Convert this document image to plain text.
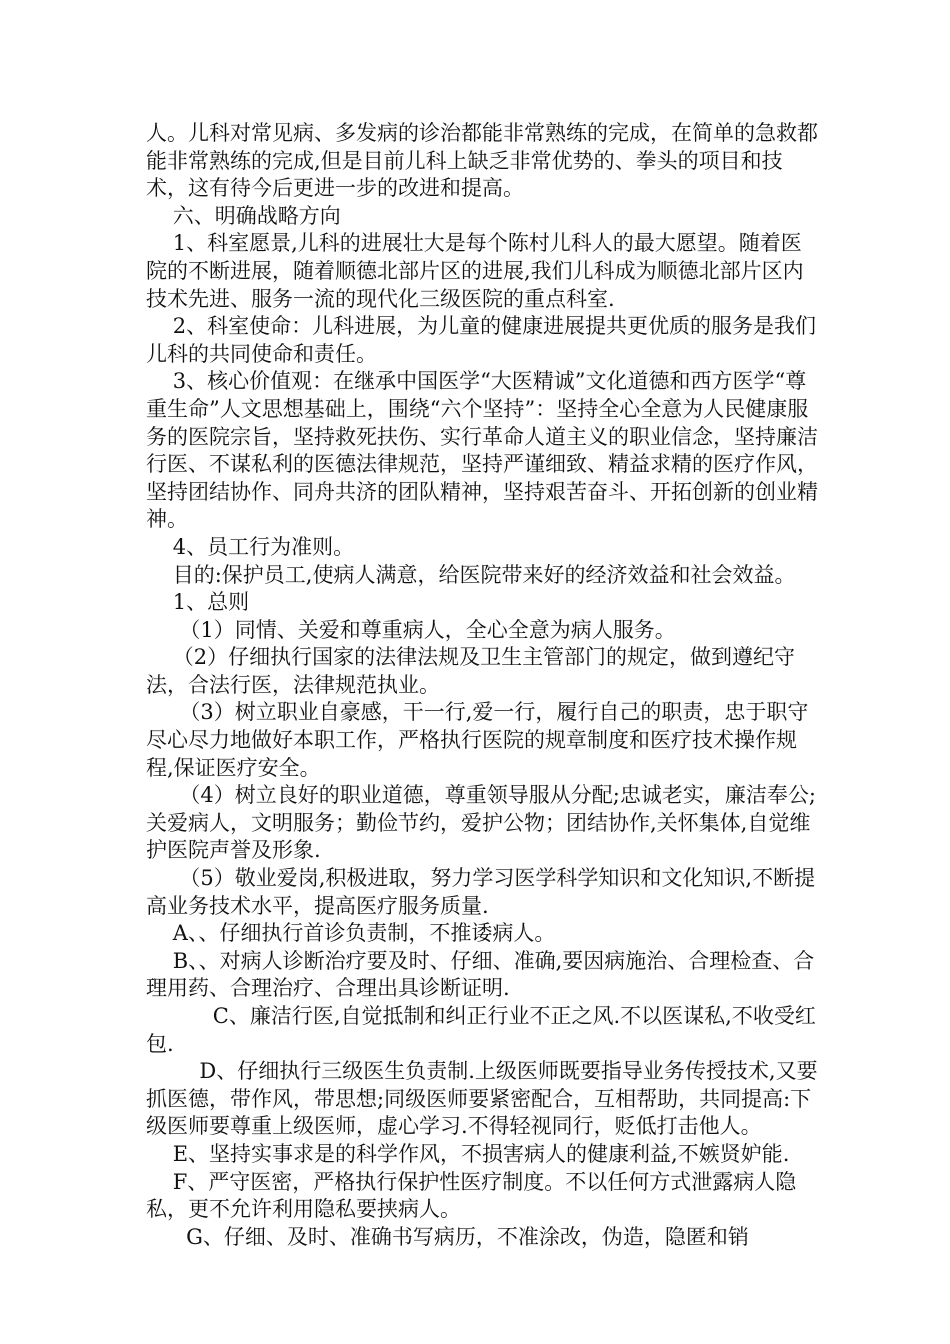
人。儿科对常见病、多发病的诊治都能非常熟练的完成，在简单的急救都能非常熟练的完成,但是目前儿科上缺乏非常优势的、拳头的项目和技术，这有待今后更进一步的改进和提高。

六、明确战略方向

1、科室愿景,儿科的进展壮大是每个陈村儿科人的最大愿望。随着医院的不断进展，随着顺德北部片区的进展,我们儿科成为顺德北部片区内技术先进、服务一流的现代化三级医院的重点科室.

2、科室使命：儿科进展，为儿童的健康进展提共更优质的服务是我们儿科的共同使命和责任。

3、核心价值观：在继承中国医学“大医精诚”文化道德和西方医学“尊重生命”人文思想基础上，围绕“六个坚持”：坚持全心全意为人民健康服务的医院宗旨，坚持救死扶伤、实行革命人道主义的职业信念，坚持廉洁行医、不谋私利的医德法律规范，坚持严谨细致、精益求精的医疗作风，坚持团结协作、同舟共济的团队精神，坚持艰苦奋斗、开拓创新的创业精神。

4、员工行为准则。

目的:保护员工,使病人满意，给医院带来好的经济效益和社会效益。

1、总则

（1）同情、关爱和尊重病人，全心全意为病人服务。

（2）仔细执行国家的法律法规及卫生主管部门的规定，做到遵纪守法，合法行医，法律规范执业。

（3）树立职业自豪感，干一行,爱一行，履行自己的职责，忠于职守尽心尽力地做好本职工作，严格执行医院的规章制度和医疗技术操作规程,保证医疗安全。

（4）树立良好的职业道德，尊重领导服从分配;忠诚老实，廉洁奉公;关爱病人，文明服务；勤俭节约，爱护公物；团结协作,关怀集体,自觉维护医院声誉及形象.

（5）敬业爱岗,积极进取，努力学习医学科学知识和文化知识,不断提高业务技术水平，提高医疗服务质量.

A、、仔细执行首诊负责制，不推诿病人。

B、、对病人诊断治疗要及时、仔细、准确,要因病施治、合理检查、合理用药、合理治疗、合理出具诊断证明.

C、廉洁行医,自觉抵制和纠正行业不正之风.不以医谋私,不收受红包.

D、仔细执行三级医生负责制.上级医师既要指导业务传授技术,又要抓医德，带作风，带思想;同级医师要紧密配合，互相帮助，共同提高:下级医师要尊重上级医师，虚心学习.不得轻视同行，贬低打击他人。

E、坚持实事求是的科学作风，不损害病人的健康利益,不嫉贤妒能.

F、严守医密，严格执行保护性医疗制度。不以任何方式泄露病人隐私，更不允许利用隐私要挟病人。

G、仔细、及时、准确书写病历，不准涂改，伪造，隐匿和销
